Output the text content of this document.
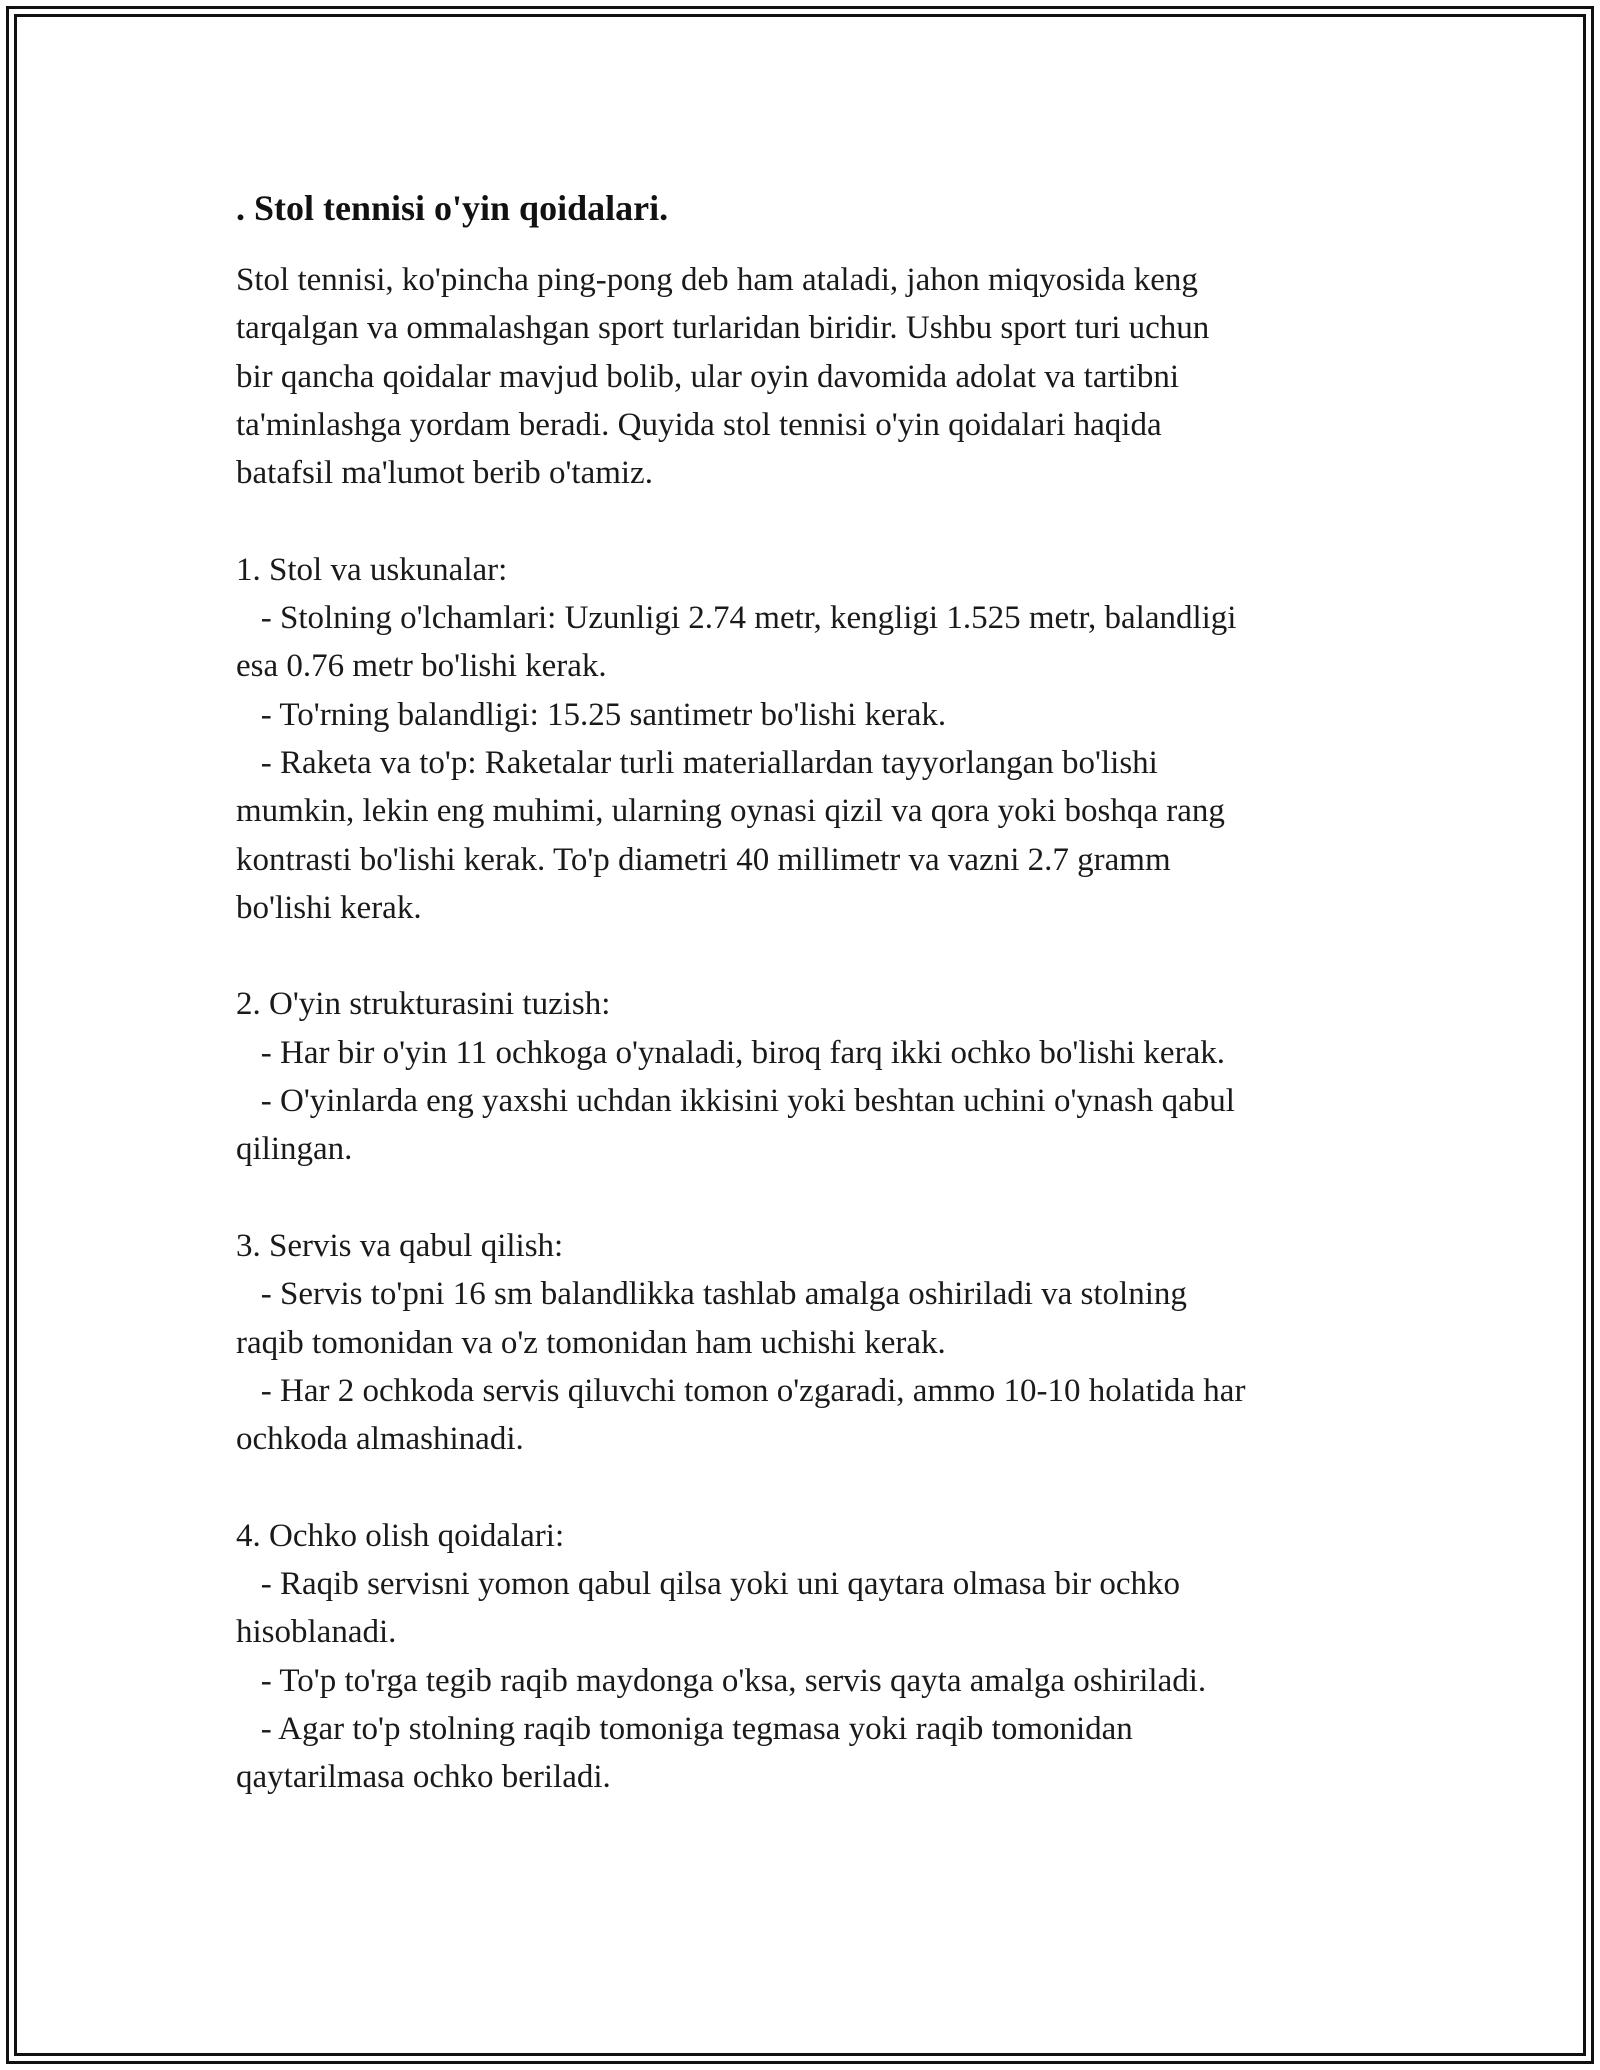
. Stol tennisi o'yin qoidalari.
Stol tennisi, ko'pincha ping-pong deb ham ataladi, jahon miqyosida keng
tarqalgan va ommalashgan sport turlaridan biridir. Ushbu sport turi uchun
bir qancha qoidalar mavjud bolib, ular oyin davomida adolat va tartibni
ta'minlashga yordam beradi. Quyida stol tennisi o'yin qoidalari haqida
batafsil ma'lumot berib o'tamiz.
1. Stol va uskunalar:
- Stolning o'lchamlari: Uzunligi 2.74 metr, kengligi 1.525 metr, balandligi
esa 0.76 metr bo'lishi kerak.
- To'rning balandligi: 15.25 santimetr bo'lishi kerak.
- Raketa va to'p: Raketalar turli materiallardan tayyorlangan bo'lishi
mumkin, lekin eng muhimi, ularning oynasi qizil va qora yoki boshqa rang
kontrasti bo'lishi kerak. To'p diametri 40 millimetr va vazni 2.7 gramm
bo'lishi kerak.
2. O'yin strukturasini tuzish:
- Har bir o'yin 11 ochkoga o'ynaladi, biroq farq ikki ochko bo'lishi kerak.
- O'yinlarda eng yaxshi uchdan ikkisini yoki beshtan uchini o'ynash qabul
qilingan.
3. Servis va qabul qilish:
- Servis to'pni 16 sm balandlikka tashlab amalga oshiriladi va stolning
raqib tomonidan va o'z tomonidan ham uchishi kerak.
- Har 2 ochkoda servis qiluvchi tomon o'zgaradi, ammo 10-10 holatida har
ochkoda almashinadi.
4. Ochko olish qoidalari:
- Raqib servisni yomon qabul qilsa yoki uni qaytara olmasa bir ochko
hisoblanadi.
- To'p to'rga tegib raqib maydonga o'ksa, servis qayta amalga oshiriladi.
- Agar to'p stolning raqib tomoniga tegmasa yoki raqib tomonidan
qaytarilmasa ochko beriladi.
